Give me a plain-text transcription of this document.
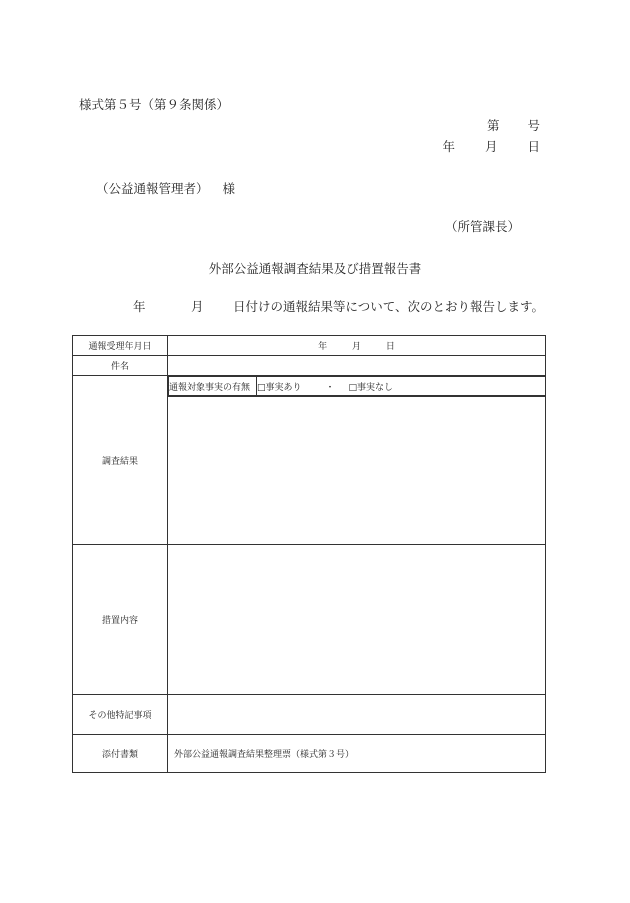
様式第５号（第９条関係）
第 号
年 月 日
（公益通報管理者） 様
（所管課長）
外部公益通報調査結果及び措置報告書
年	月	日付けの通報結果等について、次のとおり報告します。
通報受理年月日	年	月	日
件名	
調査結果	
通報対象事実の有無	□事実あり	・ □事実なし

措置内容	
その他特記事項	
添付書類	外部公益通報調査結果整理票（様式第３号）
